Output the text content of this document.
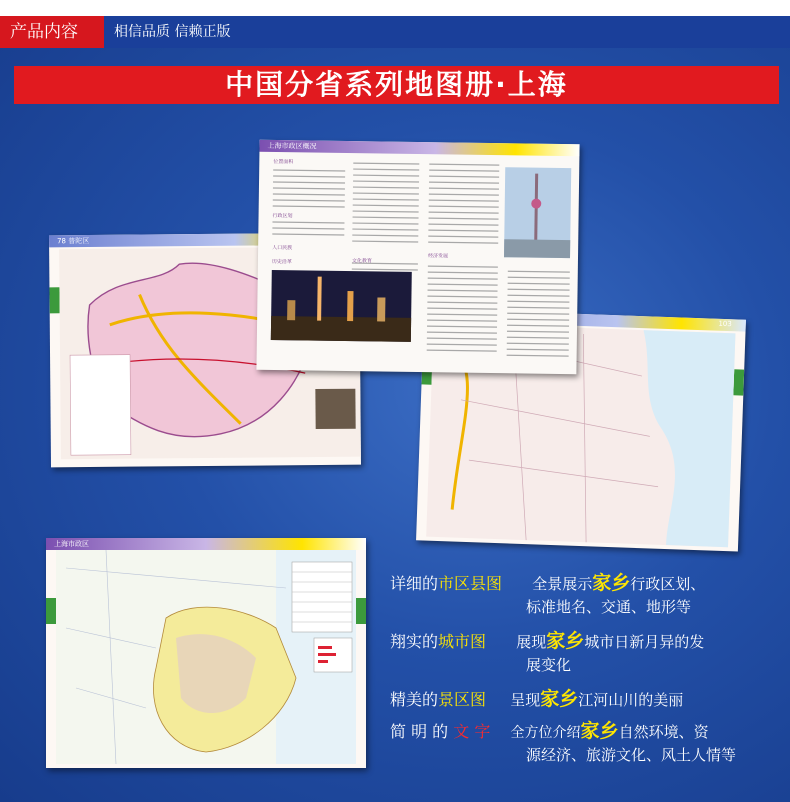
产品内容	相信品质 信赖正版
中国分省系列地图册·上海
78 普陀区
103
上海市政区概况
位置面积
行政区划
人口民族
历史沿革	文化教育
经济发展
上海市政区
详细的市区县图 全景展示家乡行政区划、
标准地名、交通、地形等
翔实的城市图 展现家乡城市日新月异的发
展变化
精美的景区图 呈现家乡江河山川的美丽
简 明 的 文 字 全方位介绍家乡自然环境、资
源经济、旅游文化、风土人情等
